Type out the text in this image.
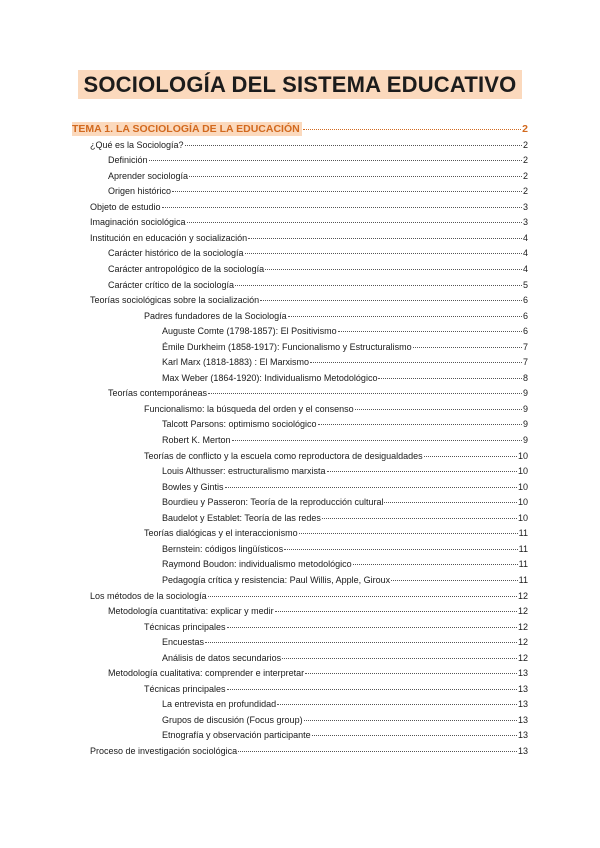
SOCIOLOGÍA DEL SISTEMA EDUCATIVO
TEMA 1. LA SOCIOLOGÍA DE LA EDUCACIÓN	2
¿Qué es la Sociología?	2
Definición	2
Aprender sociología	2
Origen histórico	2
Objeto de estudio	3
Imaginación sociológica	3
Institución en educación y socialización	4
Carácter histórico de la sociología	4
Carácter antropológico de la sociología	4
Carácter crítico de la sociología	5
Teorías sociológicas sobre la socialización	6
Padres fundadores de la Sociología	6
Auguste Comte (1798-1857): El Positivismo	6
Émile Durkheim (1858-1917): Funcionalismo y Estructuralismo	7
Karl Marx (1818-1883) : El Marxismo	7
Max Weber (1864-1920): Individualismo Metodológico	8
Teorías contemporáneas	9
Funcionalismo: la búsqueda del orden y el consenso	9
Talcott Parsons: optimismo sociológico	9
Robert K. Merton	9
Teorías de conflicto y la escuela como reproductora de desigualdades	10
Louis Althusser: estructuralismo marxista	10
Bowles y Gintis	10
Bourdieu y Passeron: Teoría de la reproducción cultural	10
Baudelot y Establet: Teoría de las redes	10
Teorías dialógicas y el interaccionismo	11
Bernstein: códigos lingüísticos	11
Raymond Boudon: individualismo metodológico	11
Pedagogía crítica y resistencia: Paul Willis, Apple, Giroux	11
Los métodos de la sociología	12
Metodología cuantitativa: explicar y medir	12
Técnicas principales	12
Encuestas	12
Análisis de datos secundarios	12
Metodología cualitativa: comprender e interpretar	13
Técnicas principales	13
La entrevista en profundidad	13
Grupos de discusión (Focus group)	13
Etnografía y observación participante	13
Proceso de investigación sociológica	13
